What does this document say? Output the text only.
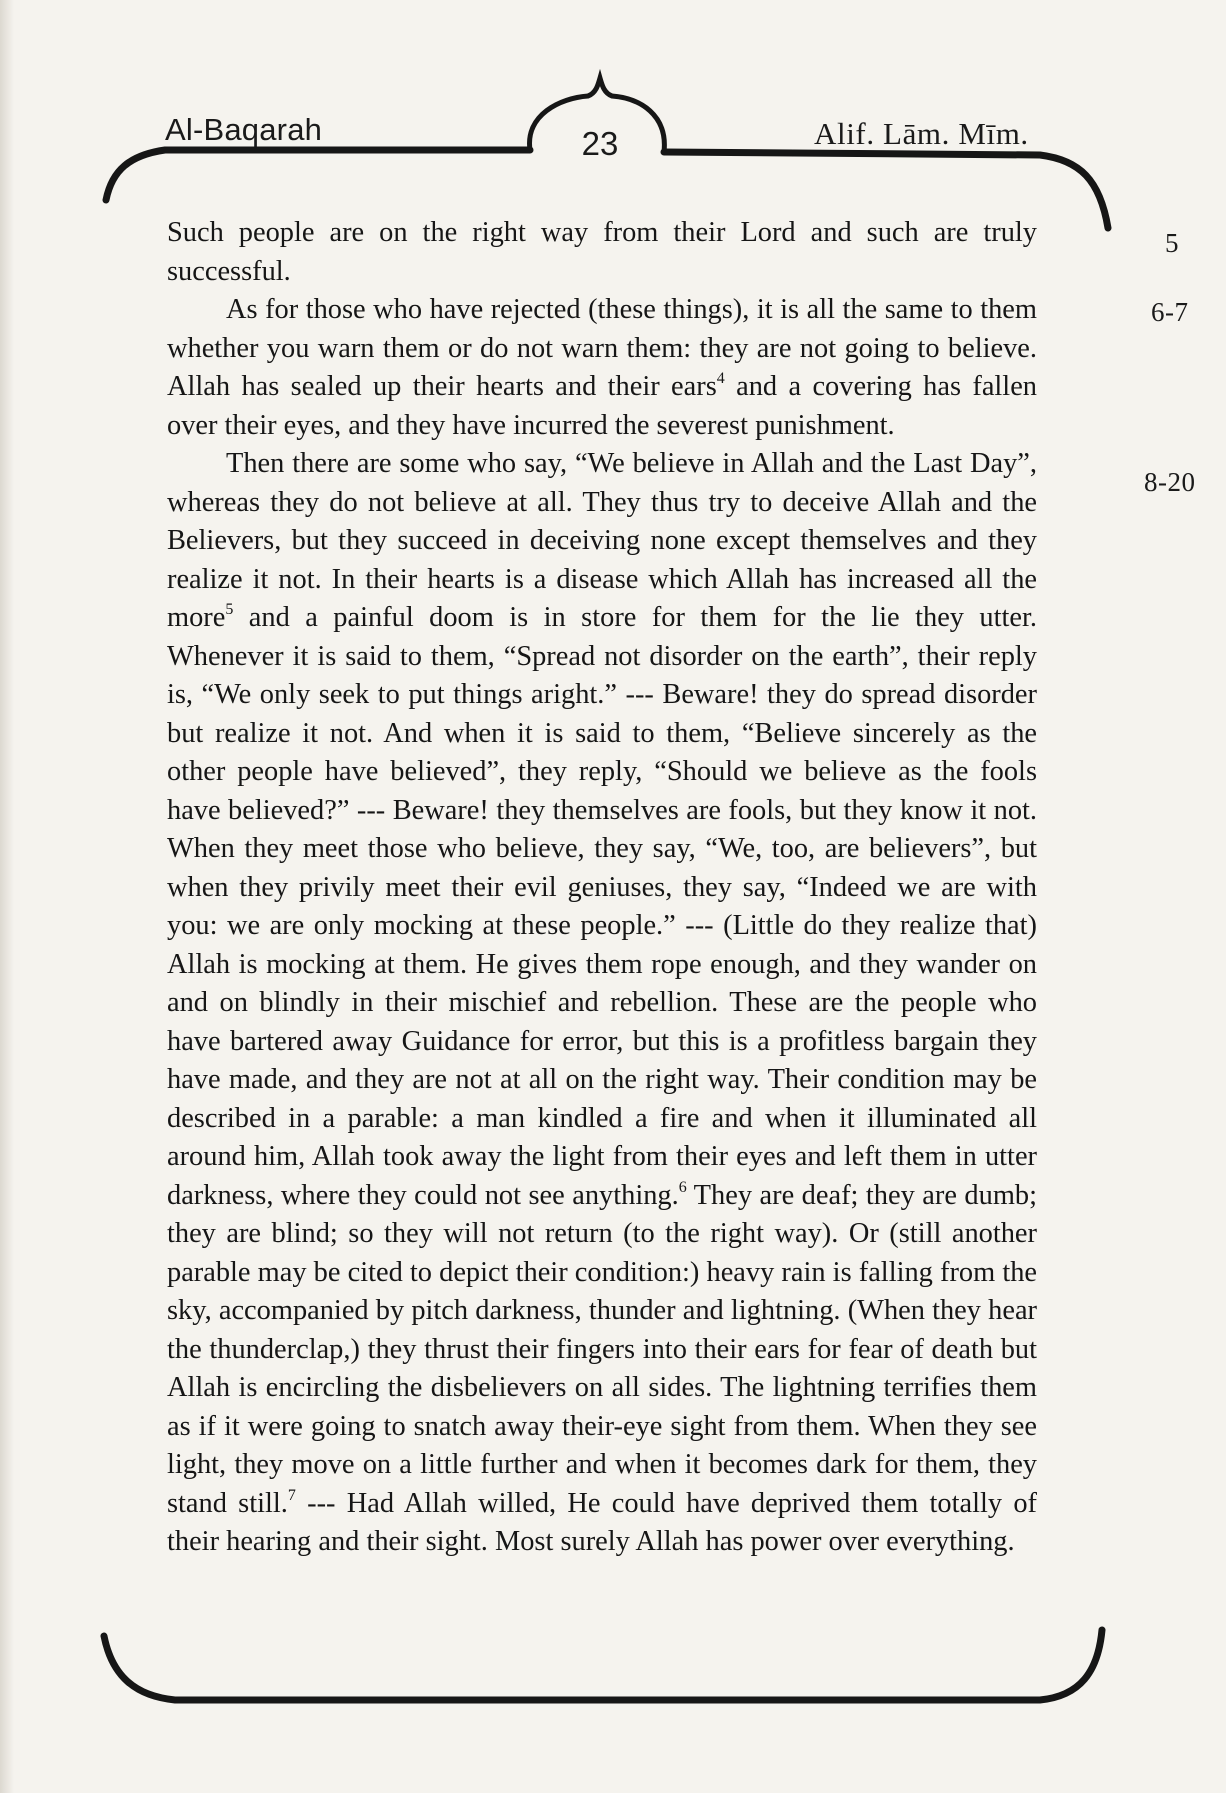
Al-Baqarah	23	Alif. Lām. Mīm.
5
6-7
8-20

Such people are on the right way from their Lord and such are truly successful.

As for those who have rejected (these things), it is all the same to them whether you warn them or do not warn them: they are not going to believe. Allah has sealed up their hearts and their ears$^4$ and a covering has fallen over their eyes, and they have incurred the severest punishment.

Then there are some who say, “We believe in Allah and the Last Day”, whereas they do not believe at all. They thus try to deceive Allah and the Believers, but they succeed in deceiving none except themselves and they realize it not. In their hearts is a disease which Allah has increased all the more$^5$ and a painful doom is in store for them for the lie they utter. Whenever it is said to them, “Spread not disorder on the earth”, their reply is, “We only seek to put things aright.” --- Beware! they do spread disorder but realize it not. And when it is said to them, “Believe sincerely as the other people have believed”, they reply, “Should we believe as the fools have believed?” --- Beware! they themselves are fools, but they know it not. When they meet those who believe, they say, “We, too, are believers”, but when they privily meet their evil geniuses, they say, “Indeed we are with you: we are only mocking at these people.” --- (Little do they realize that) Allah is mocking at them. He gives them rope enough, and they wander on and on blindly in their mischief and rebellion. These are the people who have bartered away Guidance for error, but this is a profitless bargain they have made, and they are not at all on the right way. Their condition may be described in a parable: a man kindled a fire and when it illuminated all around him, Allah took away the light from their eyes and left them in utter darkness, where they could not see anything.$^6$ They are deaf; they are dumb; they are blind; so they will not return (to the right way). Or (still another parable may be cited to depict their condition:) heavy rain is falling from the sky, accompanied by pitch darkness, thunder and lightning. (When they hear the thunderclap,) they thrust their fingers into their ears for fear of death but Allah is encircling the disbelievers on all sides. The lightning terrifies them as if it were going to snatch away their-eye sight from them. When they see light, they move on a little further and when it becomes dark for them, they stand still.$^7$ --- Had Allah willed, He could have deprived them totally of their hearing and their sight. Most surely Allah has power over everything.
